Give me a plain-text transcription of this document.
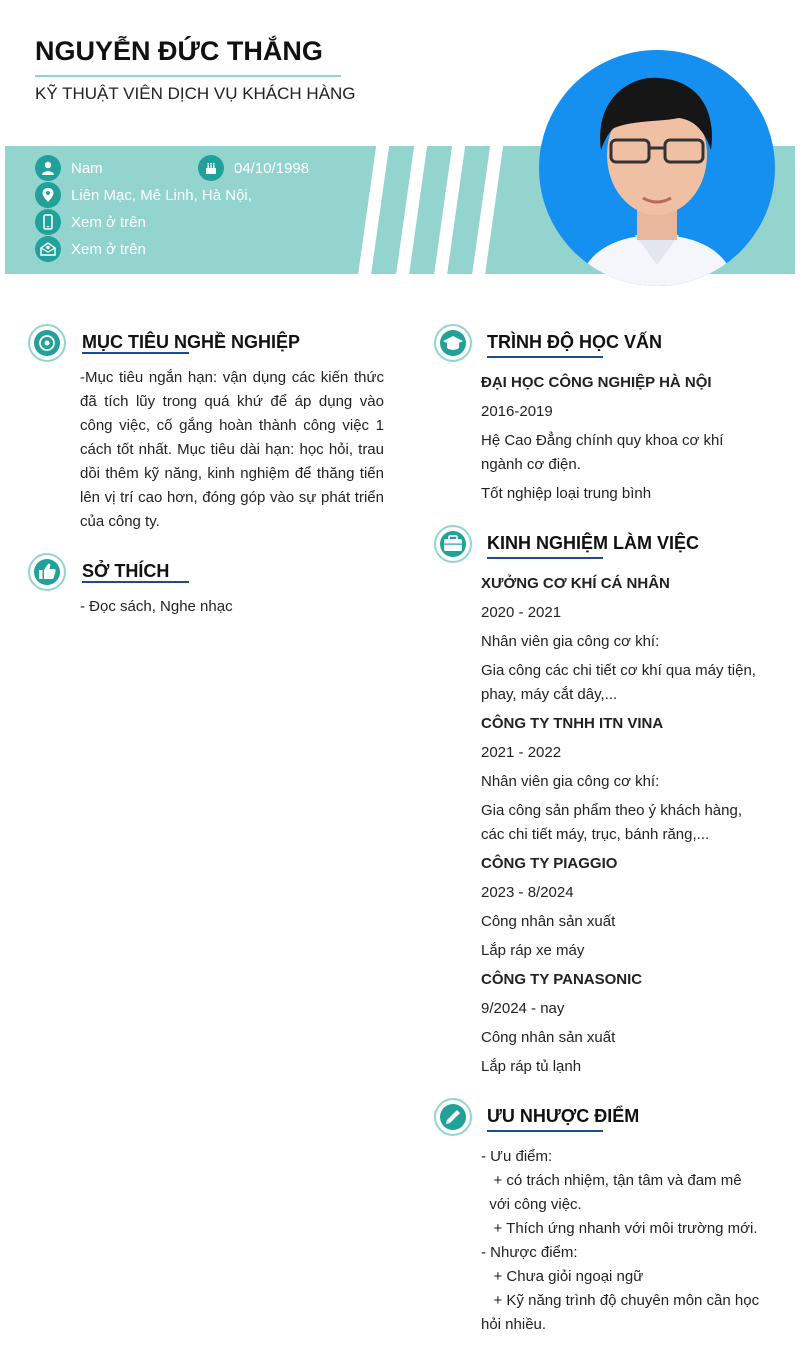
NGUYỄN ĐỨC THẮNG
KỸ THUẬT VIÊN DỊCH VỤ KHÁCH HÀNG
Nam	04/10/1998
Liên Mạc, Mê Linh, Hà Nội,
Xem ở trên
Xem ở trên
MỤC TIÊU NGHỀ NGHIỆP
-Mục tiêu ngắn hạn: vận dụng các kiến thức đã tích lũy trong quá khứ để áp dụng vào công việc, cố gắng hoàn thành công việc 1 cách tốt nhất. Mục tiêu dài hạn: học hỏi, trau dồi thêm kỹ năng, kinh nghiệm để thăng tiến lên vị trí cao hơn, đóng góp vào sự phát triển của công ty.
SỞ THÍCH
- Đọc sách, Nghe nhạc
TRÌNH ĐỘ HỌC VẤN
ĐẠI HỌC CÔNG NGHIỆP HÀ NỘI
2016-2019
Hệ Cao Đẳng chính quy khoa cơ khí ngành cơ điện.
Tốt nghiệp loại trung bình
KINH NGHIỆM LÀM VIỆC
XƯỞNG CƠ KHÍ CÁ NHÂN
2020 - 2021
Nhân viên gia công cơ khí:
Gia công các chi tiết cơ khí qua máy tiện, phay, máy cắt dây,...
CÔNG TY TNHH ITN VINA
2021 - 2022
Nhân viên gia công cơ khí:
Gia công sản phẩm theo ý khách hàng, các chi tiết máy, trục, bánh răng,...
CÔNG TY PIAGGIO
2023 - 8/2024
Công nhân sản xuất
Lắp ráp xe máy
CÔNG TY PANASONIC
9/2024 - nay
Công nhân sản xuất
Lắp ráp tủ lạnh
ƯU NHƯỢC ĐIỂM
- Ưu điểm:
+ có trách nhiệm, tận tâm và đam mê
với công việc.
+ Thích ứng nhanh với môi trường mới.
- Nhược điểm:
+ Chưa giỏi ngoại ngữ
+ Kỹ năng trình độ chuyên môn cần học
hỏi nhiều.
